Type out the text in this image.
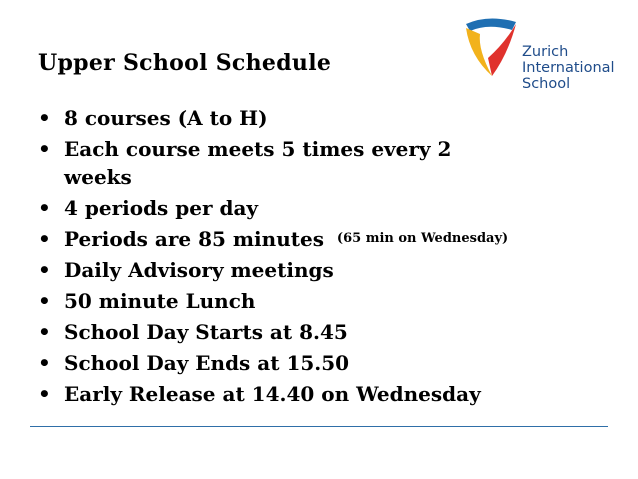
Upper School Schedule	Zurich
International
School
• 8 courses (A to H)
• Each course meets 5 times every 2 weeks
• 4 periods per day
• Periods are 85 minutes $^{(65 min on Wednesday)}$
• Daily Advisory meetings
• 50 minute Lunch
• School Day Starts at 8.45
• School Day Ends at 15.50
• Early Release at 14.40 on Wednesday
